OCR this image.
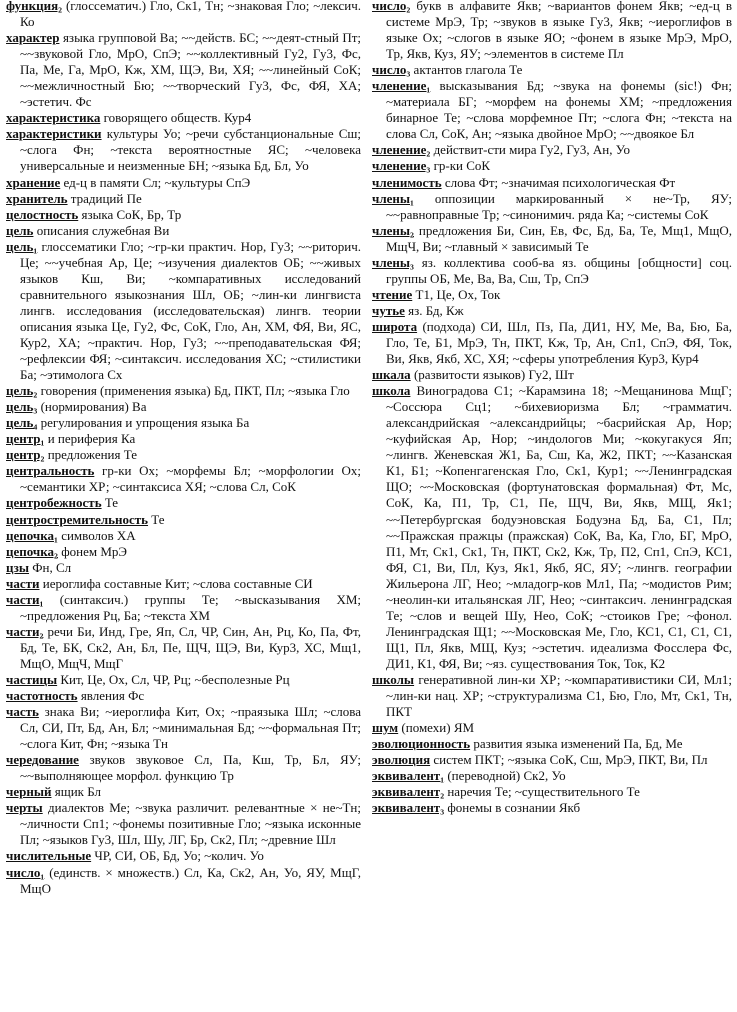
функция₂ (глоссематич.) Гло, Ск1, Тн; ~знаковая Гло; ~лексич. Ко

характер языка групповой Ва; ~~действ. БС; ~~деят-стный Пт; ~~звуковой Гло, МрО, СпЭ; ~~коллективный Гу2, Гу3, Фс, Па, Ме, Га, МрО, Кж, ХМ, ЩЭ, Ви, ХЯ; ~~линейный СоК; ~~межличностный Бю; ~~творческий Гу3, Фс, ФЯ, ХА; ~эстетич. Фс

характеристика говорящего обществ. Кур4

характеристики культуры Уо; ~речи субстанциональные Сш; ~слога Фн; ~текста вероятностные ЯС; ~человека универсальные и неизменные БН; ~языка Бд, Бл, Уо

хранение ед-ц в памяти Сл; ~культуры СпЭ

хранитель традиций Пе

целостность языка СоК, Бр, Тр

цель описания служебная Ви

цель₁ глоссематики Гло; ~гр-ки практич. Нор, Гу3; ~~риторич. Це; ~~учебная Ар, Це; ~изучения диалектов ОБ; ~~живых языков Кш, Ви; ~компаративных исследований сравнительного языкознания Шл, ОБ; ~лин-ки лингвиста лингв. исследования (исследовательская) лингв. теории описания языка Це, Гу2, Фс, СоК, Гло, Ан, ХМ, ФЯ, Ви, ЯС, Кур2, ХА; ~практич. Нор, Гу3; ~~преподавательская ФЯ; ~рефлексии ФЯ; ~синтаксич. исследования ХС; ~стилистики Ба; ~этимолога Сх

цель₂ говорения (применения языка) Бд, ПКТ, Пл; ~языка Гло

цель₃ (нормирования) Ва

цель₄ регулирования и упрощения языка Ба

центр₁ и периферия Ка

центр₂ предложения Те

центральность гр-ки Ох; ~морфемы Бл; ~морфологии Ох; ~семантики ХР; ~синтаксиса ХЯ; ~слова Сл, СоК

центробежность Те

центростремительность Те

цепочка₁ символов ХА

цепочка₂ фонем МрЭ

цзы Фн, Сл

части иероглифа составные Кит; ~слова составные СИ

части₁ (синтаксич.) группы Те; ~высказывания ХМ; ~предложения Рц, Ба; ~текста ХМ

части₂ речи Би, Инд, Гре, Яп, Сл, ЧР, Син, Ан, Рц, Ко, Па, Фт, Бд, Те, БК, Ск2, Ан, Бл, Пе, ЩЧ, ЩЭ, Ви, Кур3, ХС, Мщ1, МщО, МщЧ, МщГ

частицы Кит, Це, Ох, Сл, ЧР, Рц; ~бесполезные Рц

частотность явления Фс

часть знака Ви; ~иероглифа Кит, Ох; ~праязыка Шл; ~слова Сл, СИ, Пт, Бд, Ан, Бл; ~минимальная Бд; ~~формальная Пт; ~слога Кит, Фн; ~языка Тн

чередование звуков звуковое Сл, Па, Кш, Тр, Бл, ЯУ; ~~выполняющее морфол. функцию Тр

черный ящик Бл

черты диалектов Ме; ~звука различит. релевантные × не~Тн; ~личности Сп1; ~фонемы позитивные Гло; ~языка исконные Пл; ~языков Гу3, Шл, Шу, ЛГ, Бр, Ск2, Пл; ~древние Шл

числительные ЧР, СИ, ОБ, Бд, Уо; ~колич. Уо

число₁ (единств. × множеств.) Сл, Ка, Ск2, Ан, Уо, ЯУ, МщГ, МщО

число₂ букв в алфавите Якв; ~вариантов фонем Якв; ~ед-ц в системе МрЭ, Тр; ~звуков в языке Гу3, Якв; ~иероглифов в языке Ох; ~слогов в языке ЯО; ~фонем в языке МрЭ, МрО, Тр, Якв, Куз, ЯУ; ~элементов в системе Пл

число₃ актантов глагола Те

членение₁ высказывания Бд; ~звука на фонемы (sic!) Фн; ~материала БГ; ~морфем на фонемы ХМ; ~предложения бинарное Те; ~слова морфемное Пт; ~слога Фн; ~текста на слова Сл, СоК, Ан; ~языка двойное МрО; ~~двоякое Бл

членение₂ действит-сти мира Гу2, Гу3, Ан, Уо

членение₃ гр-ки СоК

членимость слова Фт; ~значимая психологическая Фт

члены₁ оппозиции маркированный × не~Тр, ЯУ; ~~равноправные Тр; ~синонимич. ряда Ка; ~системы СоК

члены₂ предложения Би, Син, Ев, Фс, Бд, Ба, Те, Мщ1, МщО, МщЧ, Ви; ~главный × зависимый Те

члены₃ яз. коллектива сооб-ва яз. общины [общности] соц. группы ОБ, Ме, Ва, Ва, Сш, Тр, СпЭ

чтение Т1, Це, Ох, Ток

чутье яз. Бд, Кж

широта (подхода) СИ, Шл, Пз, Па, ДИ1, НУ, Ме, Ва, Бю, Ба, Гло, Те, Б1, МрЭ, Тн, ПКТ, Кж, Тр, Ан, Сп1, СпЭ, ФЯ, Ток, Ви, Якв, Якб, ХС, ХЯ; ~сферы употребления Кур3, Кур4

шкала (развитости языков) Гу2, Шт

школа Виноградова С1; ~Карамзина 18; ~Мещанинова МщГ; ~Соссюра Сц1; ~бихевиоризма Бл; ~грамматич. александрийская ~александрийцы; ~басрийская Ар, Нор; ~куфийская Ар, Нор; ~индологов Ми; ~кокугакуся Яп; ~лингв. Женевская Ж1, Ба, Сш, Ка, Ж2, ПКТ; ~~Казанская К1, Б1; ~Копенгагенская Гло, Ск1, Кур1; ~~Ленинградская ЩО; ~~Московская (фортунатовская формальная) Фт, Мс, СоК, Ка, П1, Тр, С1, Пе, ЩЧ, Ви, Якв, МЩ, Як1; ~~Петербургская бодуэновская Бодуэна Бд, Ба, С1, Пл; ~~Пражская пражцы (пражская) СоК, Ва, Ка, Гло, БГ, МрО, П1, Мт, Ск1, Ск1, Тн, ПКТ, Ск2, Кж, Тр, П2, Сп1, СпЭ, КС1, ФЯ, С1, Ви, Пл, Куз, Як1, Якб, ЯС, ЯУ; ~лингв. географии Жильерона ЛГ, Нео; ~младогр-ков Мл1, Па; ~модистов Рим; ~неолин-ки итальянская ЛГ, Нео; ~синтаксич. ленинградская Те; ~слов и вещей Шу, Нео, СоК; ~стоиков Гре; ~фонол. Ленинградская Щ1; ~~Московская Ме, Гло, КС1, С1, С1, С1, Щ1, Пл, Якв, МЩ, Куз; ~эстетич. идеализма Фосслера Фс, ДИ1, К1, ФЯ, Ви; ~яз. существования Ток, Ток, К2

школы генеративной лин-ки ХР; ~компаративистики СИ, Мл1; ~лин-ки нац. ХР; ~структурализма С1, Бю, Гло, Мт, Ск1, Тн, ПКТ

шум (помехи) ЯМ

эволюционность развития языка изменений Па, Бд, Ме

эволюция систем ПКТ; ~языка СоК, Сш, МрЭ, ПКТ, Ви, Пл

эквивалент₁ (переводной) Ск2, Уо

эквивалент₂ наречия Те; ~существительного Те

эквивалент₃ фонемы в сознании Якб
